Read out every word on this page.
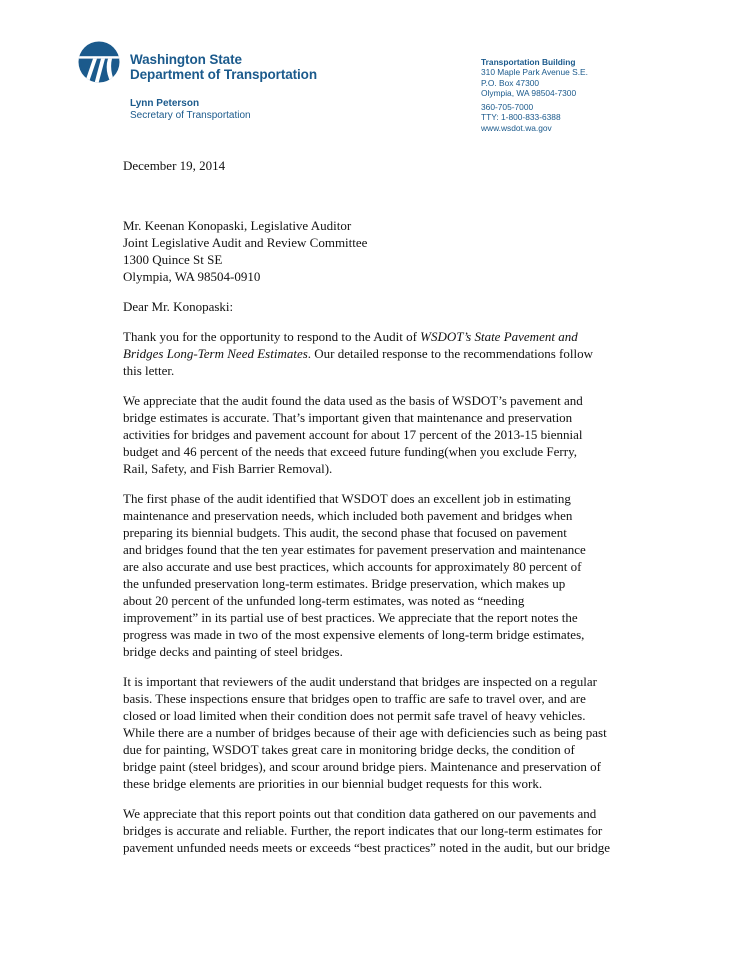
Washington State
Department of Transportation
Lynn Peterson
Secretary of Transportation
Transportation Building
310 Maple Park Avenue S.E.
P.O. Box 47300
Olympia, WA 98504-7300
360-705-7000
TTY: 1-800-833-6388
www.wsdot.wa.gov
December 19, 2014
Mr. Keenan Konopaski, Legislative Auditor
Joint Legislative Audit and Review Committee
1300 Quince St SE
Olympia, WA 98504-0910
Dear Mr. Konopaski:
Thank you for the opportunity to respond to the Audit of WSDOT’s State Pavement and
Bridges Long-Term Need Estimates. Our detailed response to the recommendations follow
this letter.
We appreciate that the audit found the data used as the basis of WSDOT’s pavement and
bridge estimates is accurate. That’s important given that maintenance and preservation
activities for bridges and pavement account for about 17 percent of the 2013-15 biennial
budget and 46 percent of the needs that exceed future funding(when you exclude Ferry,
Rail, Safety, and Fish Barrier Removal).
The first phase of the audit identified that WSDOT does an excellent job in estimating
maintenance and preservation needs, which included both pavement and bridges when
preparing its biennial budgets. This audit, the second phase that focused on pavement
and bridges found that the ten year estimates for pavement preservation and maintenance
are also accurate and use best practices, which accounts for approximately 80 percent of
the unfunded preservation long-term estimates. Bridge preservation, which makes up
about 20 percent of the unfunded long-term estimates, was noted as “needing
improvement” in its partial use of best practices. We appreciate that the report notes the
progress was made in two of the most expensive elements of long-term bridge estimates,
bridge decks and painting of steel bridges.
It is important that reviewers of the audit understand that bridges are inspected on a regular
basis. These inspections ensure that bridges open to traffic are safe to travel over, and are
closed or load limited when their condition does not permit safe travel of heavy vehicles.
While there are a number of bridges because of their age with deficiencies such as being past
due for painting, WSDOT takes great care in monitoring bridge decks, the condition of
bridge paint (steel bridges), and scour around bridge piers. Maintenance and preservation of
these bridge elements are priorities in our biennial budget requests for this work.
We appreciate that this report points out that condition data gathered on our pavements and
bridges is accurate and reliable. Further, the report indicates that our long-term estimates for
pavement unfunded needs meets or exceeds “best practices” noted in the audit, but our bridge
